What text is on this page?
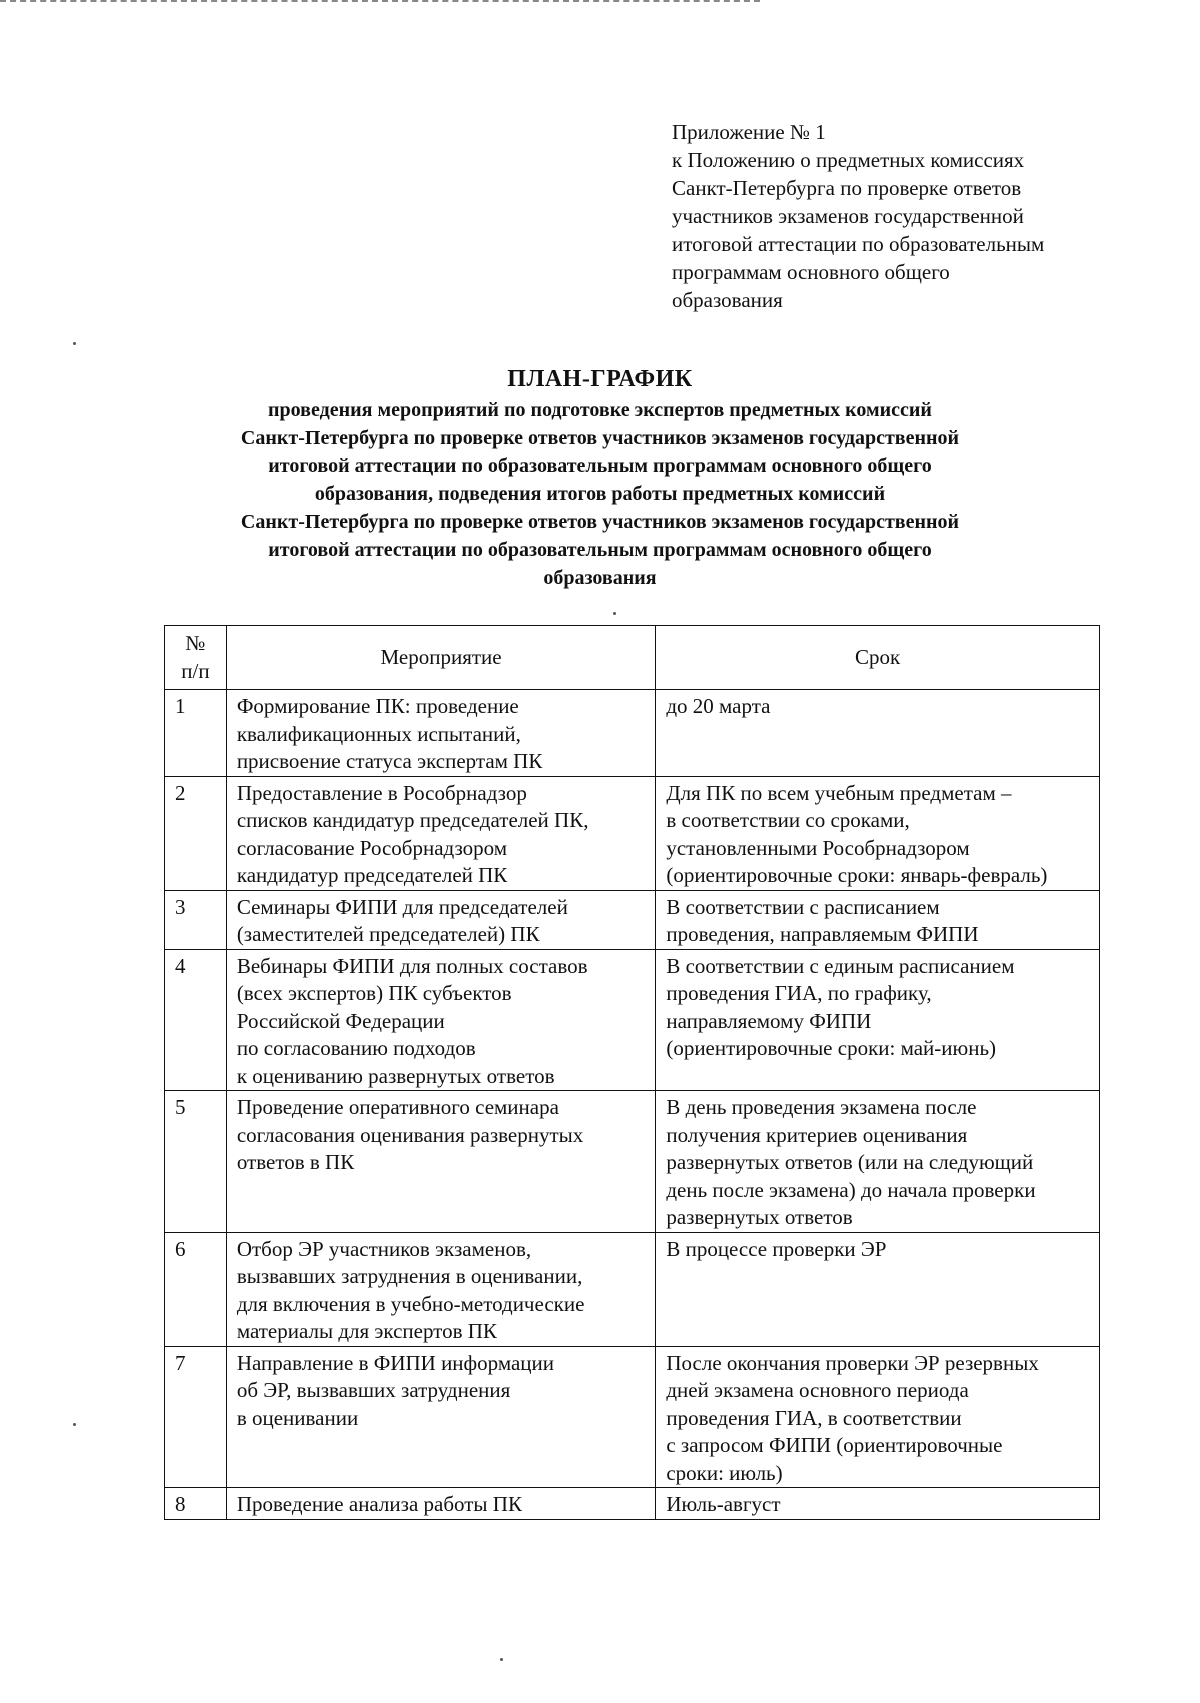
Приложение № 1
к Положению о предметных комиссиях
Санкт-Петербурга по проверке ответов
участников экзаменов государственной
итоговой аттестации по образовательным
программам основного общего
образования
ПЛАН-ГРАФИК
проведения мероприятий по подготовке экспертов предметных комиссий
Санкт-Петербурга по проверке ответов участников экзаменов государственной
итоговой аттестации по образовательным программам основного общего
образования, подведения итогов работы предметных комиссий
Санкт-Петербурга по проверке ответов участников экзаменов государственной
итоговой аттестации по образовательным программам основного общего
образования
№
п/п	Мероприятие	Срок
1	Формирование ПК: проведение
квалификационных испытаний,
присвоение статуса экспертам ПК	до 20 марта

2	Предоставление в Рособрнадзор
списков кандидатур председателей ПК,
согласование Рособрнадзором
кандидатур председателей ПК	Для ПК по всем учебным предметам –
в соответствии со сроками,
установленными Рособрнадзором
(ориентировочные сроки: январь-февраль)

3	Семинары ФИПИ для председателей
(заместителей председателей) ПК	В соответствии с расписанием
проведения, направляемым ФИПИ

4	Вебинары ФИПИ для полных составов
(всех экспертов) ПК субъектов
Российской Федерации
по согласованию подходов
к оцениванию развернутых ответов	В соответствии с единым расписанием
проведения ГИА, по графику,
направляемому ФИПИ
(ориентировочные сроки: май-июнь)

5	Проведение оперативного семинара
согласования оценивания развернутых
ответов в ПК	В день проведения экзамена после
получения критериев оценивания
развернутых ответов (или на следующий
день после экзамена) до начала проверки
развернутых ответов

6	Отбор ЭР участников экзаменов,
вызвавших затруднения в оценивании,
для включения в учебно-методические
материалы для экспертов ПК	В процессе проверки ЭР

7	Направление в ФИПИ информации
об ЭР, вызвавших затруднения
в оценивании	После окончания проверки ЭР резервных
дней экзамена основного периода
проведения ГИА, в соответствии
с запросом ФИПИ (ориентировочные
сроки: июль)

8	Проведение анализа работы ПК	Июль-август
